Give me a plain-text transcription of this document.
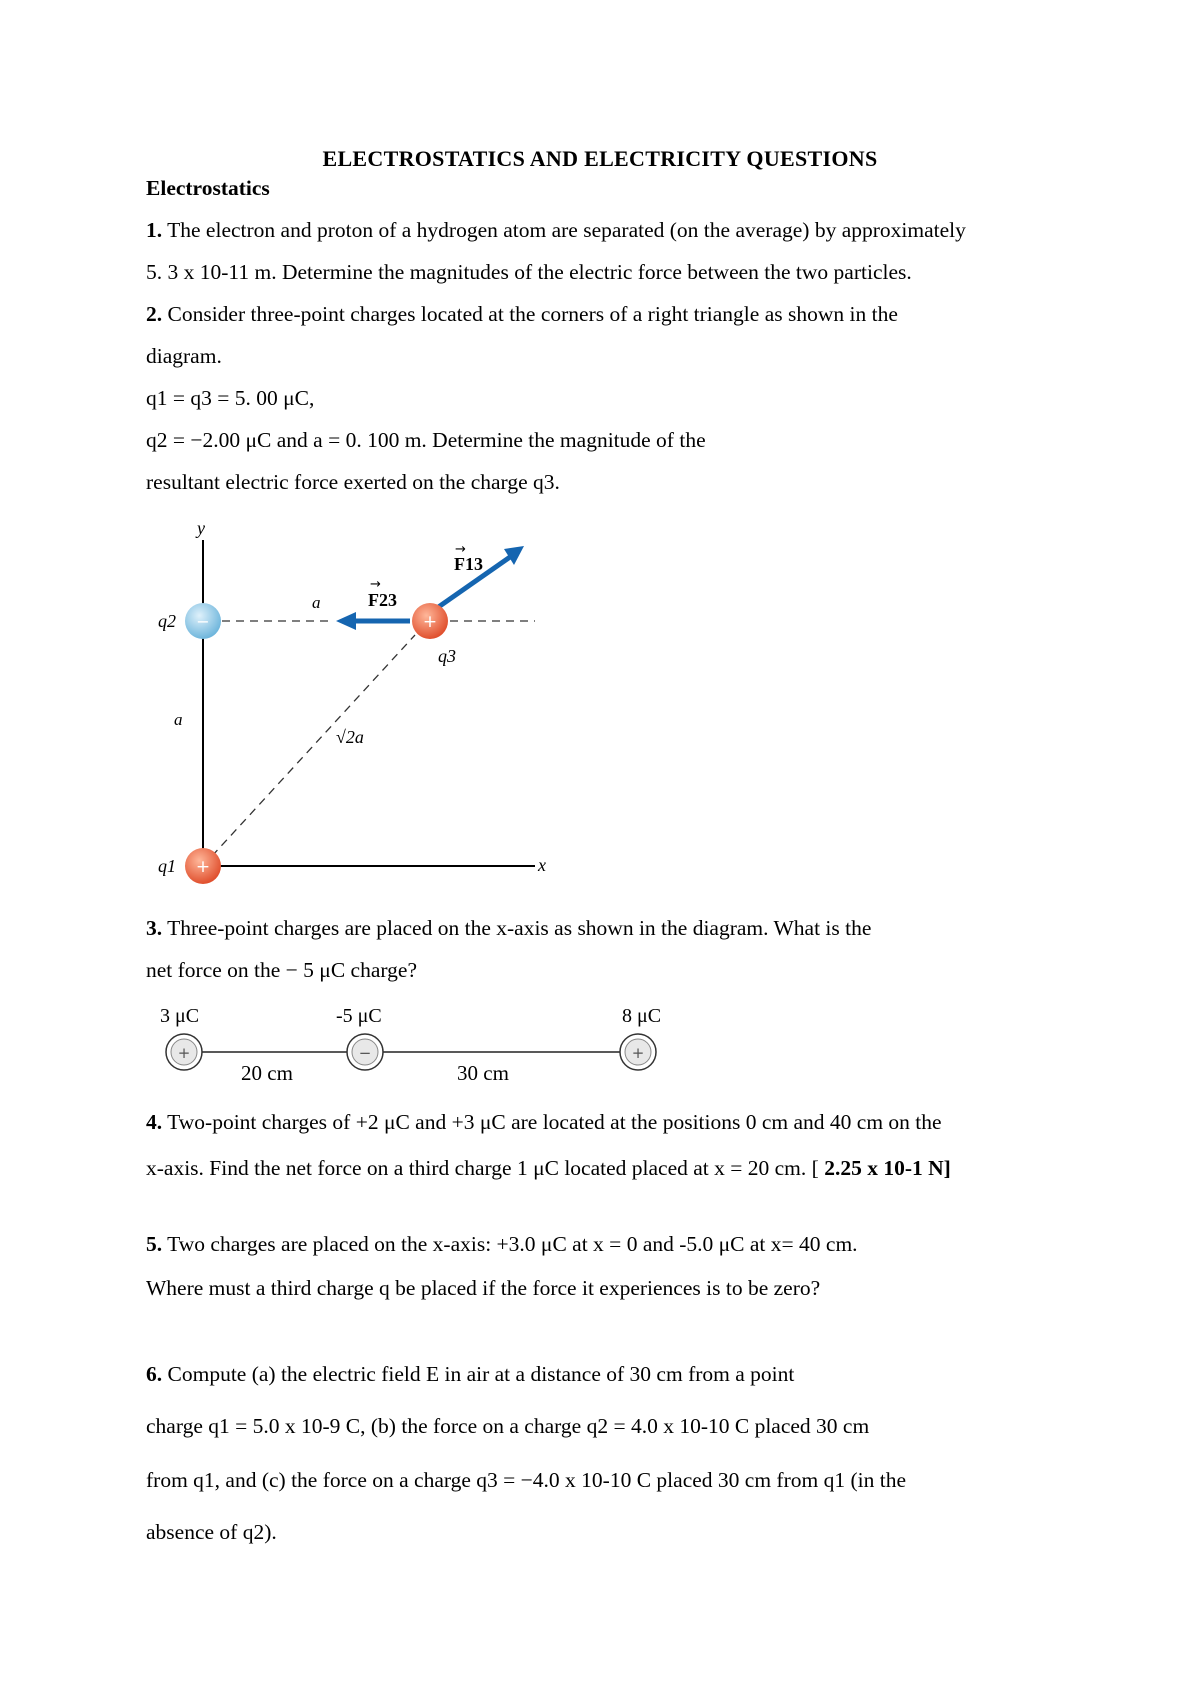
ELECTROSTATICS AND ELECTRICITY QUESTIONS
Electrostatics
1. The electron and proton of a hydrogen atom are separated (on the average) by approximately
5. 3 x 10-11 m. Determine the magnitudes of the electric force between the two particles.
2. Consider three-point charges located at the corners of a right triangle as shown in the
diagram.
q1 = q3 = 5. 00 μC,
q2 = −2.00 μC and a = 0. 100 m. Determine the magnitude of the
resultant electric force exerted on the charge q3.
y
x
a
a
√2a
F23
F13
→
→
q1
q2
q3
−	+
+
3. Three-point charges are placed on the x-axis as shown in the diagram. What is the
net force on the − 5 μC charge?
3 μC	-5 μC	8 μC
+	−	+
20 cm	30 cm
4. Two-point charges of +2 μC and +3 μC are located at the positions 0 cm and 40 cm on the
x-axis. Find the net force on a third charge 1 μC located placed at x = 20 cm. [ 2.25 x 10-1 N]
5. Two charges are placed on the x-axis: +3.0 μC at x = 0 and -5.0 μC at x= 40 cm.
Where must a third charge q be placed if the force it experiences is to be zero?
6. Compute (a) the electric field E in air at a distance of 30 cm from a point
charge q1 = 5.0 x 10-9 C, (b) the force on a charge q2 = 4.0 x 10-10 C placed 30 cm
from q1, and (c) the force on a charge q3 = −4.0 x 10-10 C placed 30 cm from q1 (in the
absence of q2).
